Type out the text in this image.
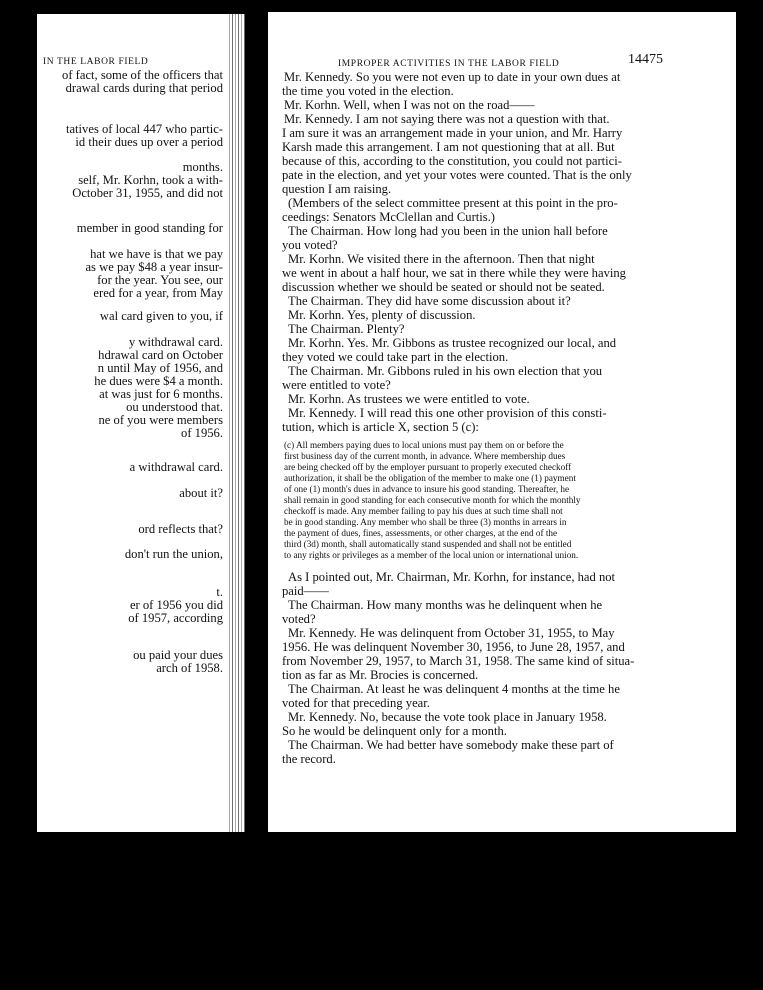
IN THE LABOR FIELD
of fact, some of the officers that
drawal cards during that period
tatives of local 447 who partic-
id their dues up over a period
months.
self, Mr. Korhn, took a with-
October 31, 1955, and did not
member in good standing for
hat we have is that we pay
as we pay $48 a year insur-
for the year. You see, our
ered for a year, from May
wal card given to you, if
y withdrawal card.
hdrawal card on October
n until May of 1956, and
he dues were $4 a month.
at was just for 6 months.
ou understood that.
ne of you were members
of 1956.
a withdrawal card.
about it?
ord reflects that?
don't run the union,
t.
er of 1956 you did
of 1957, according
ou paid your dues
arch of 1958.
IMPROPER ACTIVITIES IN THE LABOR FIELD	14475
Mr. Kennedy. So you were not even up to date in your own dues at
the time you voted in the election.
Mr. Korhn. Well, when I was not on the road——
Mr. Kennedy. I am not saying there was not a question with that.
I am sure it was an arrangement made in your union, and Mr. Harry
Karsh made this arrangement. I am not questioning that at all. But
because of this, according to the constitution, you could not partici-
pate in the election, and yet your votes were counted. That is the only
question I am raising.
(Members of the select committee present at this point in the pro-
ceedings: Senators McClellan and Curtis.)
The Chairman. How long had you been in the union hall before
you voted?
Mr. Korhn. We visited there in the afternoon. Then that night
we went in about a half hour, we sat in there while they were having
discussion whether we should be seated or should not be seated.
The Chairman. They did have some discussion about it?
Mr. Korhn. Yes, plenty of discussion.
The Chairman. Plenty?
Mr. Korhn. Yes. Mr. Gibbons as trustee recognized our local, and
they voted we could take part in the election.
The Chairman. Mr. Gibbons ruled in his own election that you
were entitled to vote?
Mr. Korhn. As trustees we were entitled to vote.
Mr. Kennedy. I will read this one other provision of this consti-
tution, which is article X, section 5 (c):
(c) All members paying dues to local unions must pay them on or before the
first business day of the current month, in advance. Where membership dues
are being checked off by the employer pursuant to properly executed checkoff
authorization, it shall be the obligation of the member to make one (1) payment
of one (1) month's dues in advance to insure his good standing. Thereafter, he
shall remain in good standing for each consecutive month for which the monthly
checkoff is made. Any member failing to pay his dues at such time shall not
be in good standing. Any member who shall be three (3) months in arrears in
the payment of dues, fines, assessments, or other charges, at the end of the
third (3d) month, shall automatically stand suspended and shall not be entitled
to any rights or privileges as a member of the local union or international union.
As I pointed out, Mr. Chairman, Mr. Korhn, for instance, had not
paid——
The Chairman. How many months was he delinquent when he
voted?
Mr. Kennedy. He was delinquent from October 31, 1955, to May
1956. He was delinquent November 30, 1956, to June 28, 1957, and
from November 29, 1957, to March 31, 1958. The same kind of situa-
tion as far as Mr. Brocies is concerned.
The Chairman. At least he was delinquent 4 months at the time he
voted for that preceding year.
Mr. Kennedy. No, because the vote took place in January 1958.
So he would be delinquent only for a month.
The Chairman. We had better have somebody make these part of
the record.
